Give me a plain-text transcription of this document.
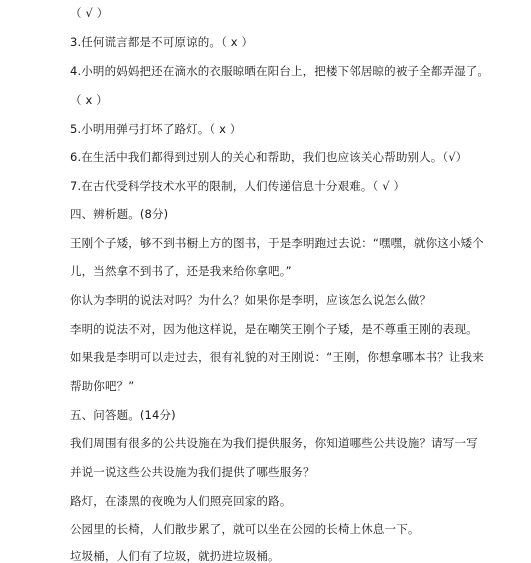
（ √ ）
3.任何谎言都是不可原谅的。（ x ）
4.小明的妈妈把还在滴水的衣服晾晒在阳台上，把楼下邻居晾的被子全都弄湿了。
（ x ）
5.小明用弹弓打坏了路灯。（ x ）
6.在生活中我们都得到过别人的关心和帮助，我们也应该关心帮助别人。（√）
7.在古代受科学技术水平的限制，人们传递信息十分艰难。（ √ ）
四、辨析题。(8分)
王刚个子矮，够不到书橱上方的图书，于是李明跑过去说：“嘿嘿，就你这小矮个
儿，当然拿不到书了，还是我来给你拿吧。”
你认为李明的说法对吗？为什么？如果你是李明，应该怎么说怎么做？
李明的说法不对，因为他这样说，是在嘲笑王刚个子矮，是不尊重王刚的表现。
如果我是李明可以走过去，很有礼貌的对王刚说：“王刚，你想拿哪本书？让我来
帮助你吧？”
五、问答题。(14分)
我们周围有很多的公共设施在为我们提供服务，你知道哪些公共设施？请写一写
并说一说这些公共设施为我们提供了哪些服务？
路灯，在漆黑的夜晚为人们照亮回家的路。
公园里的长椅，人们散步累了，就可以坐在公园的长椅上休息一下。
垃圾桶，人们有了垃圾，就扔进垃圾桶。
